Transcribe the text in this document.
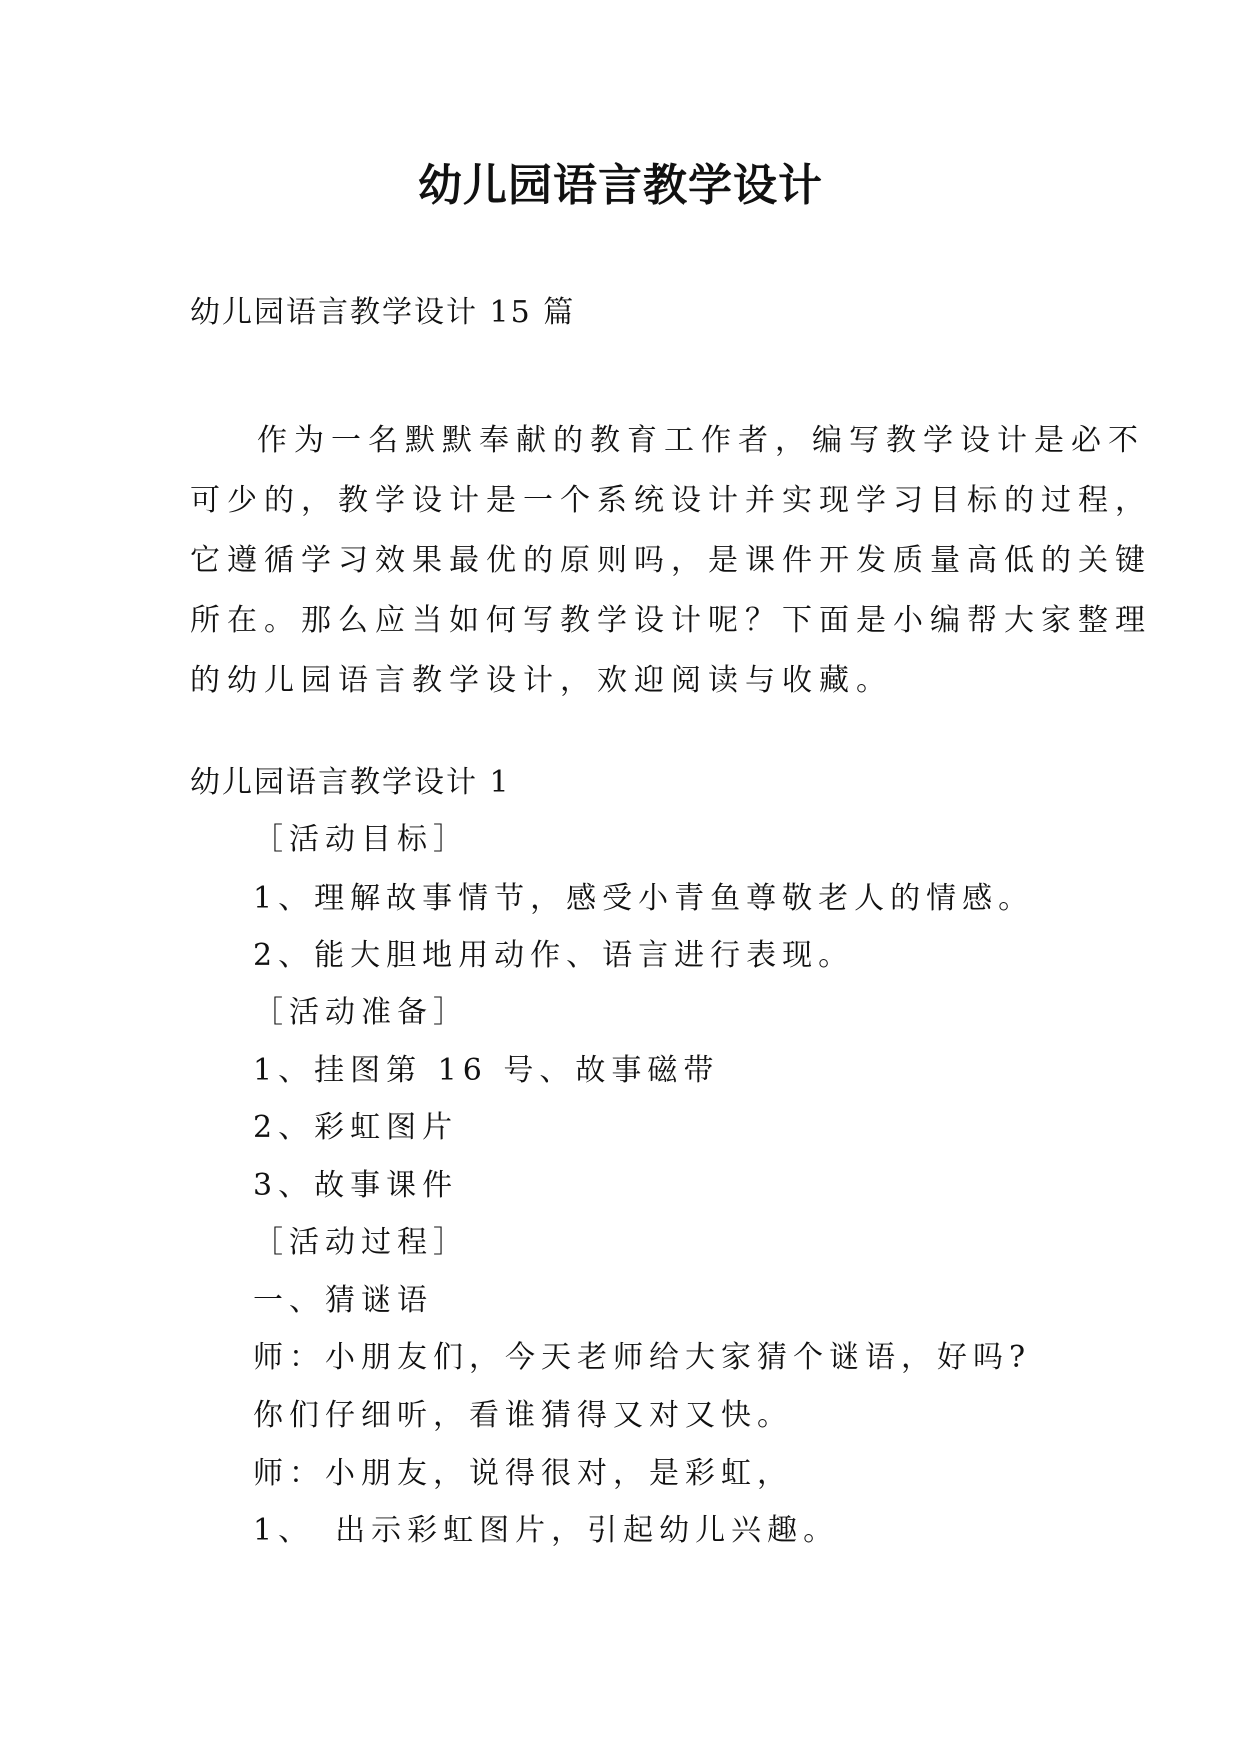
幼儿园语言教学设计
幼儿园语言教学设计 15 篇
作为一名默默奉献的教育工作者，编写教学设计是必不
可少的，教学设计是一个系统设计并实现学习目标的过程，
它遵循学习效果最优的原则吗，是课件开发质量高低的关键
所在。那么应当如何写教学设计呢？下面是小编帮大家整理
的幼儿园语言教学设计，欢迎阅读与收藏。
幼儿园语言教学设计 1
［活动目标］
1、理解故事情节，感受小青鱼尊敬老人的情感。
2、能大胆地用动作、语言进行表现。
［活动准备］
1、挂图第 16 号、故事磁带
2、彩虹图片
3、故事课件
［活动过程］
一、猜谜语
师：小朋友们，今天老师给大家猜个谜语，好吗?
你们仔细听，看谁猜得又对又快。
师：小朋友，说得很对，是彩虹，
1、　出示彩虹图片，引起幼儿兴趣。
